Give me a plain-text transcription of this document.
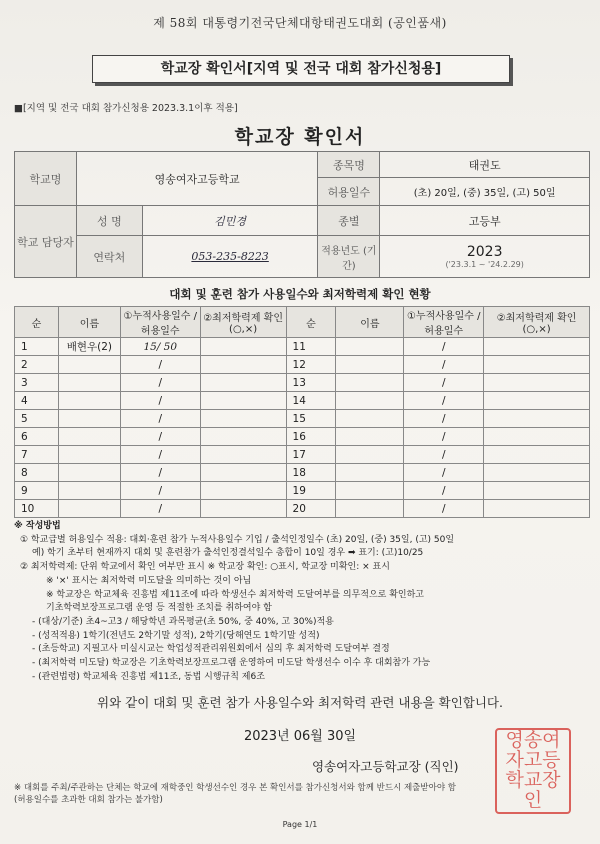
제 58회 대통령기전국단체대항태권도대회 (공인품새)
학교장 확인서[지역 및 전국 대회 참가신청용]
■[지역 및 전국 대회 참가신청용 2023.3.1이후 적용]
학교장 확인서
학교명	영송여자고등학교		종목명	태권도
			허용일수	(초) 20일, (중) 35일, (고) 50일
학교 담당자	성 명	김민경	종별	고등부
	연락처	053-235-8223	적용년도 (기간)	2023
('23.3.1 ~ '24.2.29)
대회 및 훈련 참가 사용일수와 최저학력제 확인 현황
순	이름	①누적사용일수 /허용일수	②최저학력제 확인(○,×)	순	이름	①누적사용일수 /허용일수	②최저학력제 확인(○,×)
1	배현우(2)	15/ 50		11		/	
2		/		12		/	
3		/		13		/	
4		/		14		/	
5		/		15		/	
6		/		16		/	
7		/		17		/	
8		/		18		/	
9		/		19		/	
10		/		20		/	
※ 작성방법
① 학교급별 허용일수 적용: 대회·훈련 참가 누적사용일수 기입 / 출석인정일수 (초) 20일, (중) 35일, (고) 50일
예) 학기 초부터 현재까지 대회 및 훈련참가 출석인정결석일수 총합이 10일 경우 ➡ 표기: (고)10/25
② 최저학력제: 단위 학교에서 확인 여부만 표시 ※ 학교장 확인: ○표시, 학교장 미확인: × 표시
※ '×' 표시는 최저학력 미도달을 의미하는 것이 아님
※ 학교장은 학교체육 진흥법 제11조에 따라 학생선수 최저학력 도달여부를 의무적으로 확인하고
기초학력보장프로그램 운영 등 적절한 조치를 취하여야 함
- (대상/기준) 초4~고3 / 해당학년 과목평균(초 50%, 중 40%, 고 30%)적용
- (성적적용) 1학기(전년도 2학기말 성적), 2학기(당해연도 1학기말 성적)
- (초등학교) 지필고사 미실시교는 학업성적관리위원회에서 심의 후 최저학력 도달여부 결정
- (최저학력 미도달) 학교장은 기초학력보장프로그램 운영하여 미도달 학생선수 이수 후 대회참가 가능
- (관련법령) 학교체육 진흥법 제11조, 동법 시행규칙 제6조
위와 같이 대회 및 훈련 참가 사용일수와 최저학력 관련 내용을 확인합니다.
2023년 06월 30일
영송여자고등학교장 (직인)
영송여
자고등
학교장
인
※ 대회를 주최/주관하는 단체는 학교에 재학중인 학생선수인 경우 본 확인서를 참가신청서와 함께 반드시 제출받아야 함
(허용일수를 초과한 대회 참가는 불가함)
Page 1/1
